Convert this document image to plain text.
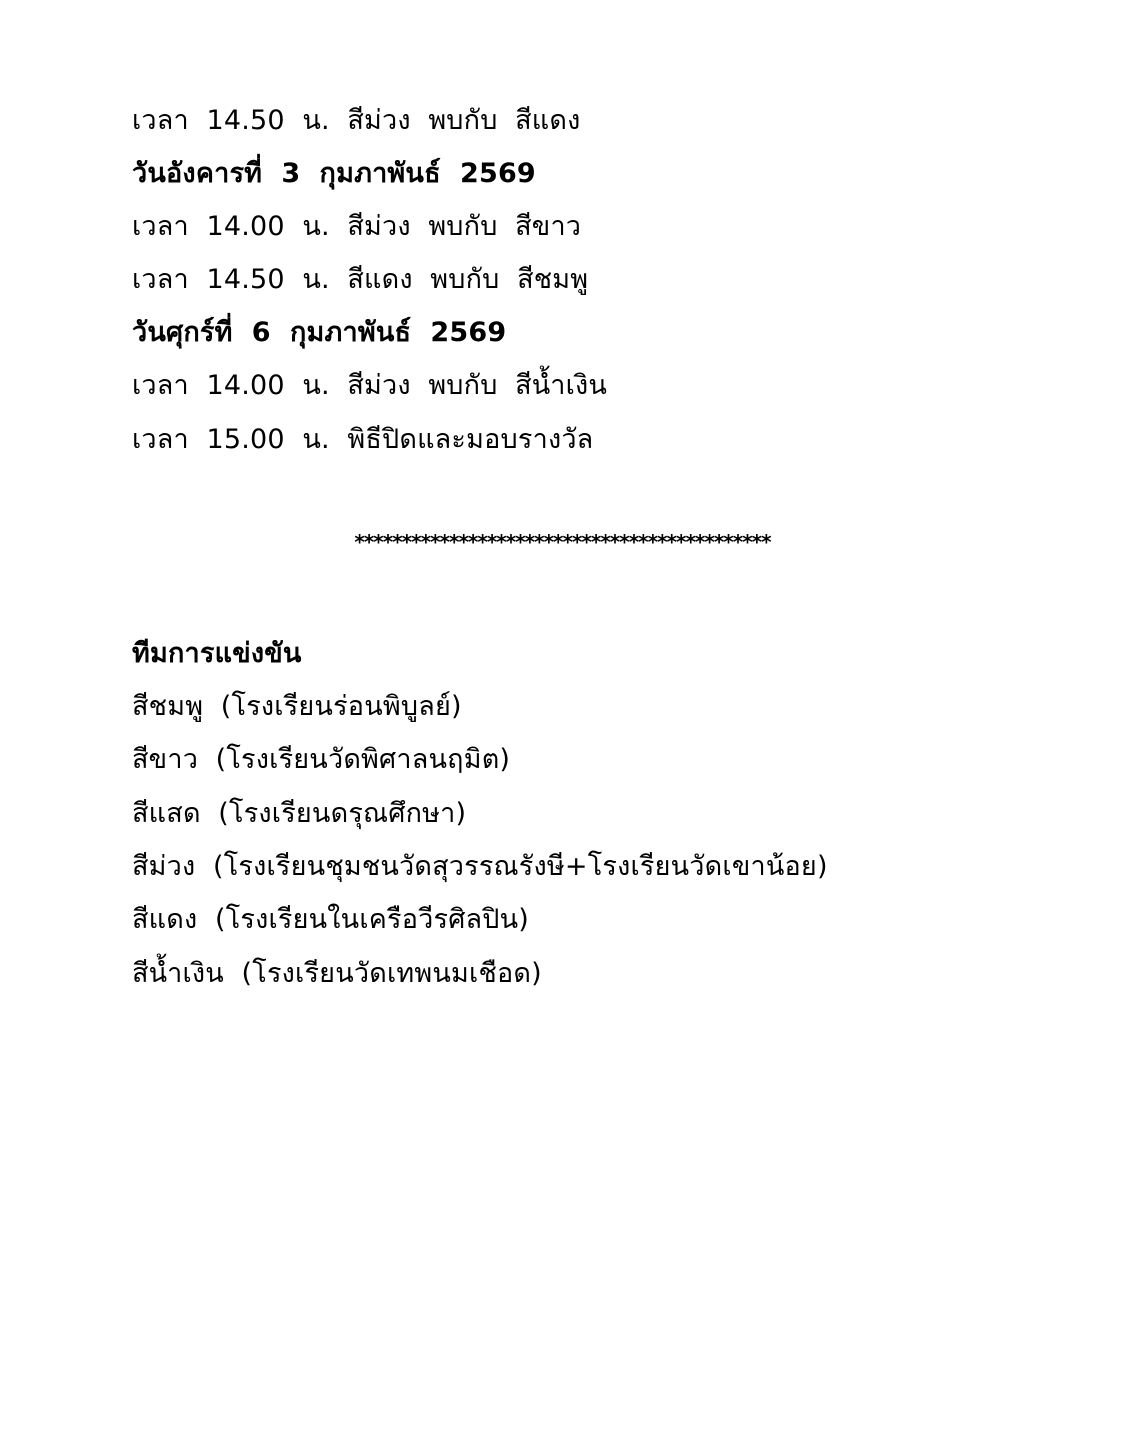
เวลา  14.50  น.  สีม่วง  พบกับ  สีแดง
วันอังคารที่  3  กุมภาพันธ์  2569
เวลา  14.00  น.  สีม่วง  พบกับ  สีขาว
เวลา  14.50  น.  สีแดง  พบกับ  สีชมพู
วันศุกร์ที่  6  กุมภาพันธ์  2569
เวลา  14.00  น.  สีม่วง  พบกับ  สีน้ำเงิน
เวลา  15.00  น.  พิธีปิดและมอบรางวัล
********************************************
ทีมการแข่งขัน
สีชมพู  (โรงเรียนร่อนพิบูลย์)
สีขาว  (โรงเรียนวัดพิศาลนฤมิต)
สีแสด  (โรงเรียนดรุณศึกษา)
สีม่วง  (โรงเรียนชุมชนวัดสุวรรณรังษี+โรงเรียนวัดเขาน้อย)
สีแดง  (โรงเรียนในเครือวีรศิลปิน)
สีน้ำเงิน  (โรงเรียนวัดเทพนมเชือด)
